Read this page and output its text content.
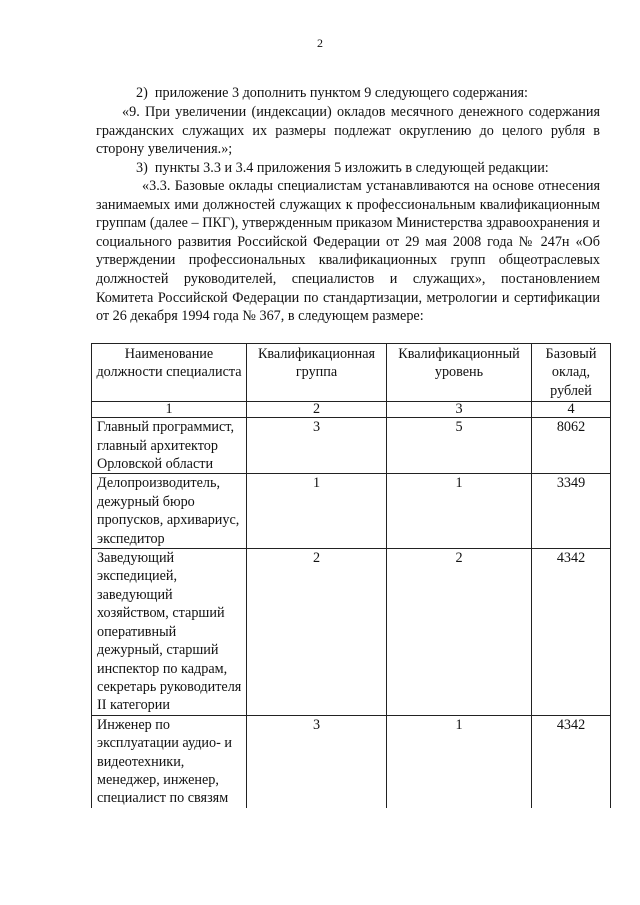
2

2)  приложение 3 дополнить пунктом 9 следующего содержания:

«9. При увеличении (индексации) окладов месячного денежного содержания гражданских служащих их размеры подлежат округлению до целого рубля в сторону увеличения.»;

3)  пункты 3.3 и 3.4 приложения 5 изложить в следующей редакции:

«3.3. Базовые оклады специалистам устанавливаются на основе отнесения занимаемых ими должностей служащих к профессиональным квалификационным группам (далее – ПКГ), утвержденным приказом Министерства здравоохранения и социального развития Российской Федерации от 29 мая 2008 года № 247н «Об утверждении профессиональных квалификационных групп общеотраслевых должностей руководителей, специалистов и служащих», постановлением Комитета Российской Федерации по стандартизации, метрологии и сертификации от 26 декабря 1994 года № 367, в следующем размере:

Наименование должности специалиста	Квалификационная группа	Квалификационный уровень	Базовый оклад, рублей
1	2	3	4
Главный программист, главный архитектор Орловской области	3	5	8062
Делопроизводитель, дежурный бюро пропусков, архивариус, экспедитор	1	1	3349
Заведующий экспедицией, заведующий хозяйством, старший оперативный дежурный, старший инспектор по кадрам, секретарь руководителя II категории	2	2	4342
Инженер по эксплуатации аудио- и видеотехники, менеджер, инженер, специалист по связям	3	1	4342
